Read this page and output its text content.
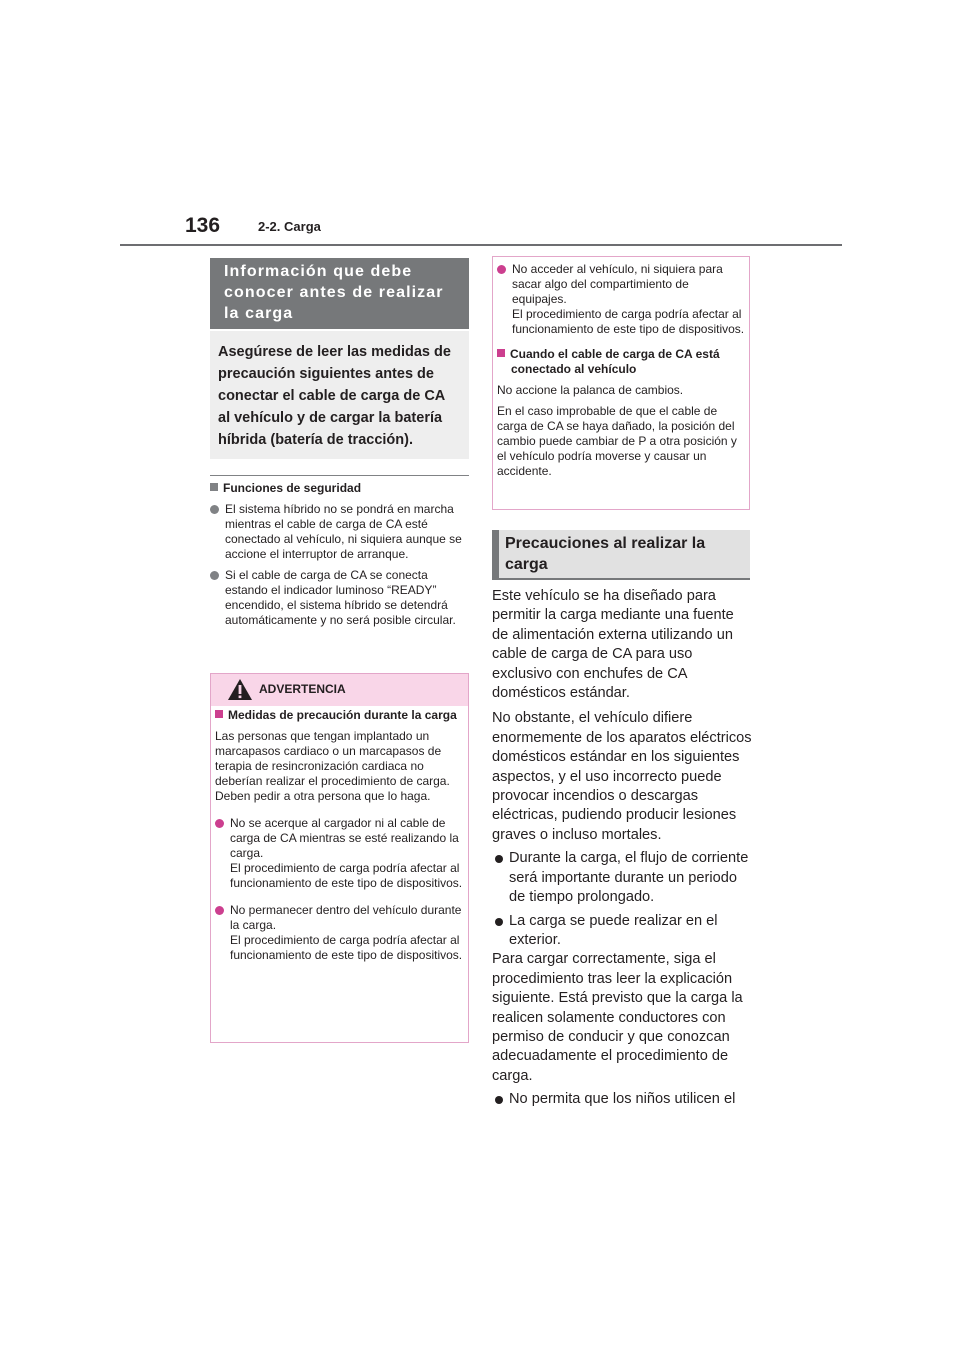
136	2-2. Carga
Información que debe conocer antes de realizar la carga
Asegúrese de leer las medidas de precaución siguientes antes de conectar el cable de carga de CA al vehículo y de cargar la batería híbrida (batería de tracción).
Funciones de seguridad
El sistema híbrido no se pondrá en marcha mientras el cable de carga de CA esté conectado al vehículo, ni siquiera aunque se accione el interruptor de arranque.
Si el cable de carga de CA se conecta estando el indicador luminoso “READY” encendido, el sistema híbrido se detendrá automáticamente y no será posible circular.
ADVERTENCIA
Medidas de precaución durante la carga
Las personas que tengan implantado un marcapasos cardiaco o un marcapasos de terapia de resincronización cardiaca no deberían realizar el procedimiento de carga. Deben pedir a otra persona que lo haga.
No se acerque al cargador ni al cable de carga de CA mientras se esté realizando la carga.
El procedimiento de carga podría afectar al funcionamiento de este tipo de dispositivos.
No permanecer dentro del vehículo durante la carga.
El procedimiento de carga podría afectar al funcionamiento de este tipo de dispositivos.
No acceder al vehículo, ni siquiera para sacar algo del compartimiento de equipajes.
El procedimiento de carga podría afectar al funcionamiento de este tipo de dispositivos.
Cuando el cable de carga de CA está conectado al vehículo
No accione la palanca de cambios.
En el caso improbable de que el cable de carga de CA se haya dañado, la posición del cambio puede cambiar de P a otra posición y el vehículo podría moverse y causar un accidente.
Precauciones al realizar la carga

Este vehículo se ha diseñado para permitir la carga mediante una fuente de alimentación externa utilizando un cable de carga de CA para uso exclusivo con enchufes de CA domésticos estándar.

No obstante, el vehículo difiere enormemente de los aparatos eléctricos domésticos estándar en los siguientes aspectos, y el uso incorrecto puede provocar incendios o descargas eléctricas, pudiendo producir lesiones graves o incluso mortales.

Durante la carga, el flujo de corriente será importante durante un periodo de tiempo prolongado.
La carga se puede realizar en el exterior.

Para cargar correctamente, siga el procedimiento tras leer la explicación siguiente. Está previsto que la carga la realicen solamente conductores con permiso de conducir y que conozcan adecuadamente el procedimiento de carga.

No permita que los niños utilicen el
